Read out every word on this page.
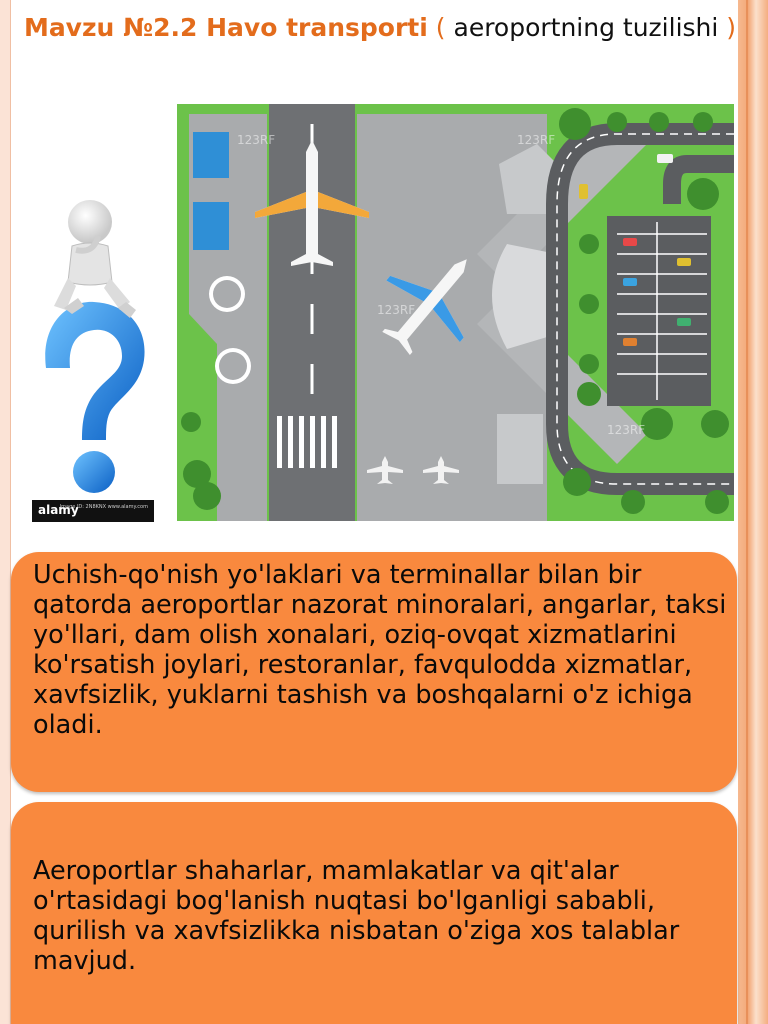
Mavzu №2.2 Havo transporti ( aeroportning tuzilishi )
alamy
alamy
Image ID: 2N8KNX www.alamy.com
123RF	123RF
123RF
123RF
Uchish-qo'nish yo'laklari va terminallar bilan bir qatorda aeroportlar nazorat minoralari, angarlar, taksi yo'llari, dam olish xonalari, oziq-ovqat xizmatlarini ko'rsatish joylari, restoranlar, favqulodda xizmatlar, xavfsizlik, yuklarni tashish va boshqalarni o'z ichiga oladi.
Aeroportlar shaharlar, mamlakatlar va qit'alar o'rtasidagi bog'lanish nuqtasi bo'lganligi sababli, qurilish va xavfsizlikka nisbatan o'ziga xos talablar mavjud.
